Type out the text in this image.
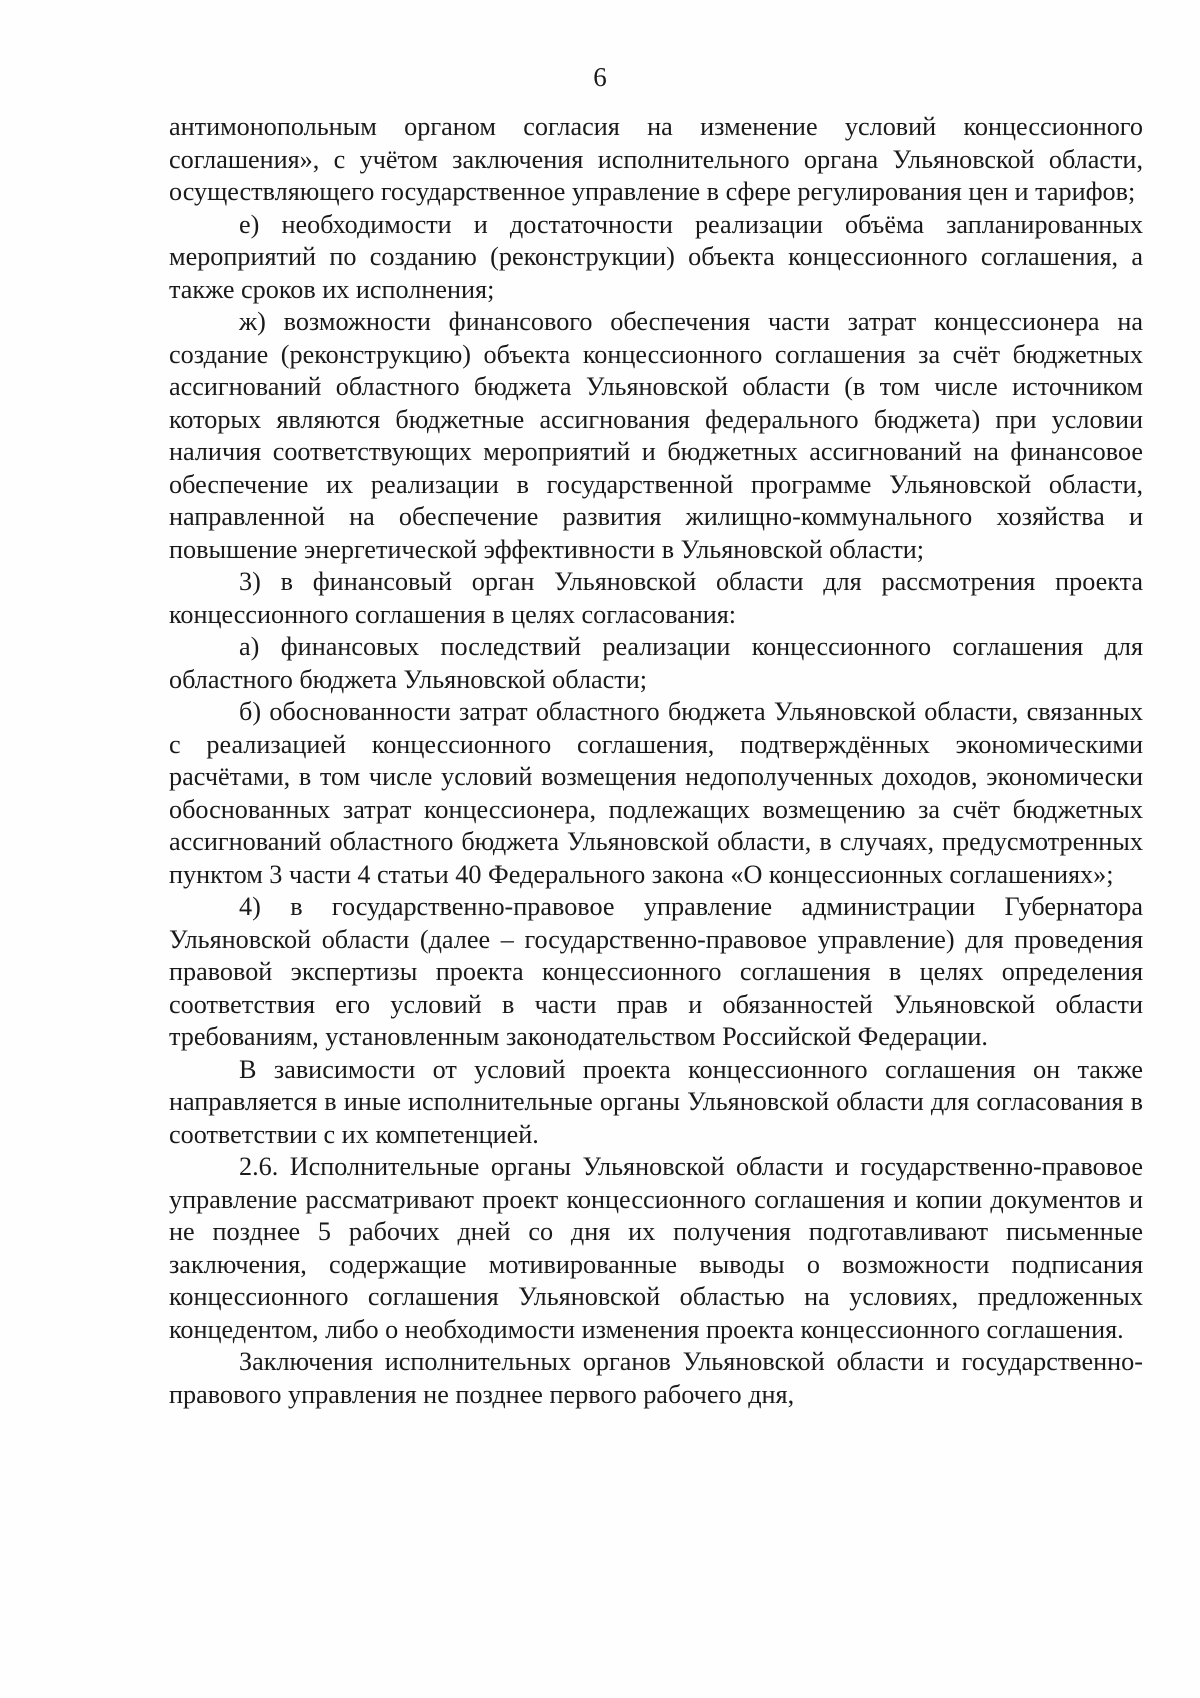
6

антимонопольным органом согласия на изменение условий концессионного соглашения», с учётом заключения исполнительного органа Ульяновской области, осуществляющего государственное управление в сфере регулирования цен и тарифов;

е) необходимости и достаточности реализации объёма запланированных мероприятий по созданию (реконструкции) объекта концессионного соглашения, а также сроков их исполнения;

ж) возможности финансового обеспечения части затрат концессионера на создание (реконструкцию) объекта концессионного соглашения за счёт бюджетных ассигнований областного бюджета Ульяновской области (в том числе источником которых являются бюджетные ассигнования федерального бюджета) при условии наличия соответствующих мероприятий и бюджетных ассигнований на финансовое обеспечение их реализации в государственной программе Ульяновской области, направленной на обеспечение развития жилищно-коммунального хозяйства и повышение энергетической эффективности в Ульяновской области;

3) в финансовый орган Ульяновской области для рассмотрения проекта концессионного соглашения в целях согласования:

а) финансовых последствий реализации концессионного соглашения для областного бюджета Ульяновской области;

б) обоснованности затрат областного бюджета Ульяновской области, связанных с реализацией концессионного соглашения, подтверждённых экономическими расчётами, в том числе условий возмещения недополученных доходов, экономически обоснованных затрат концессионера, подлежащих возмещению за счёт бюджетных ассигнований областного бюджета Ульяновской области, в случаях, предусмотренных пунктом 3 части 4 статьи 40 Федерального закона «О концессионных соглашениях»;

4) в государственно-правовое управление администрации Губернатора Ульяновской области (далее – государственно-правовое управление) для проведения правовой экспертизы проекта концессионного соглашения в целях определения соответствия его условий в части прав и обязанностей Ульяновской области требованиям, установленным законодательством Российской Федерации.

В зависимости от условий проекта концессионного соглашения он также направляется в иные исполнительные органы Ульяновской области для согласования в соответствии с их компетенцией.

2.6. Исполнительные органы Ульяновской области и государственно-правовое управление рассматривают проект концессионного соглашения и копии документов и не позднее 5 рабочих дней со дня их получения подготавливают письменные заключения, содержащие мотивированные выводы о возможности подписания концессионного соглашения Ульяновской областью на условиях, предложенных концедентом, либо о необходимости изменения проекта концессионного соглашения.

Заключения исполнительных органов Ульяновской области и государственно-правового управления не позднее первого рабочего дня,
